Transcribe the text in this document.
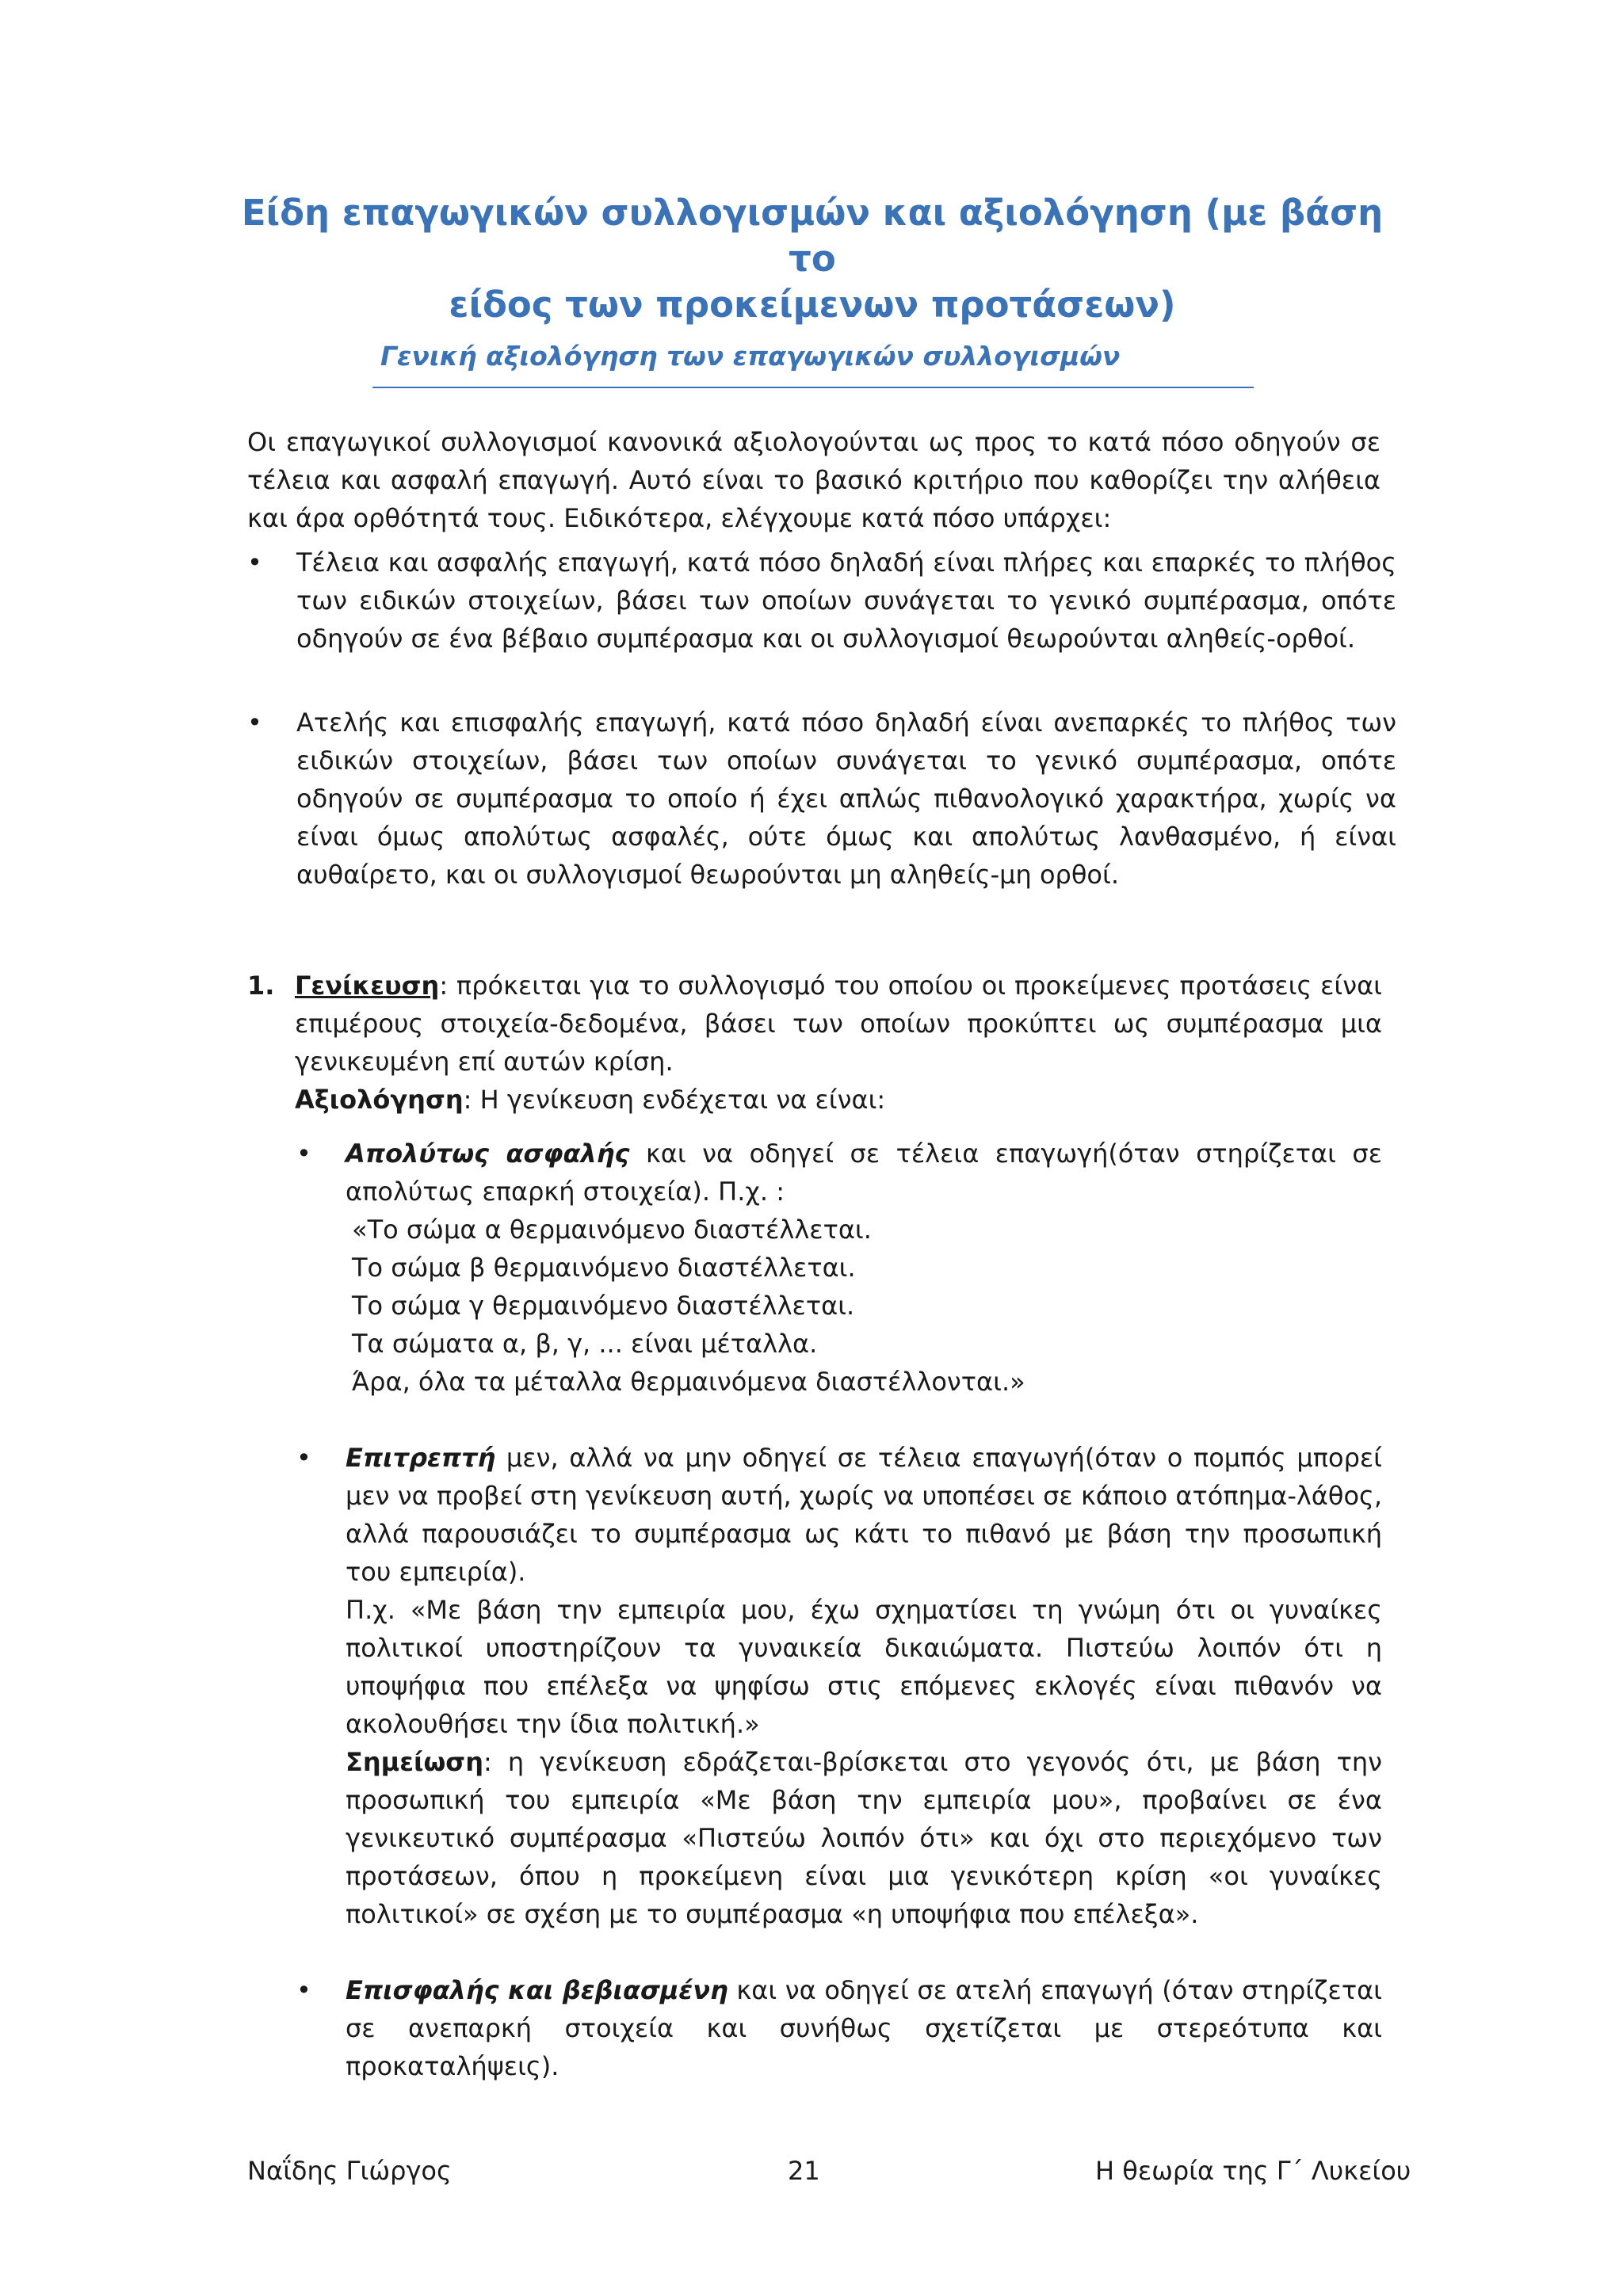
Είδη επαγωγικών συλλογισμών και αξιολόγηση (με βάση το
είδος των προκείμενων προτάσεων)
Γενική αξιολόγηση των επαγωγικών συλλογισμών

Οι επαγωγικοί συλλογισμοί κανονικά αξιολογούνται ως προς το κατά πόσο οδηγούν σε τέλεια και ασφαλή επαγωγή. Αυτό είναι το βασικό κριτήριο που καθορίζει την αλήθεια και άρα ορθότητά τους. Ειδικότερα, ελέγχουμε κατά πόσο υπάρχει:

• Τέλεια και ασφαλής επαγωγή, κατά πόσο δηλαδή είναι πλήρες και επαρκές το πλήθος των ειδικών στοιχείων, βάσει των οποίων συνάγεται το γενικό συμπέρασμα, οπότε οδηγούν σε ένα βέβαιο συμπέρασμα και οι συλλογισμοί θεωρούνται αληθείς-ορθοί.

• Ατελής και επισφαλής επαγωγή, κατά πόσο δηλαδή είναι ανεπαρκές το πλήθος των ειδικών στοιχείων, βάσει των οποίων συνάγεται το γενικό συμπέρασμα, οπότε οδηγούν σε συμπέρασμα το οποίο ή έχει απλώς πιθανολογικό χαρακτήρα, χωρίς να είναι όμως απολύτως ασφαλές, ούτε όμως και απολύτως λανθασμένο, ή είναι αυθαίρετο, και οι συλλογισμοί θεωρούνται μη αληθείς-μη ορθοί.

1. Γενίκευση: πρόκειται για το συλλογισμό του οποίου οι προκείμενες προτάσεις είναι επιμέρους στοιχεία-δεδομένα, βάσει των οποίων προκύπτει ως συμπέρασμα μια γενικευμένη επί αυτών κρίση.

Αξιολόγηση: Η γενίκευση ενδέχεται να είναι:

• Απολύτως ασφαλής και να οδηγεί σε τέλεια επαγωγή(όταν στηρίζεται σε απολύτως επαρκή στοιχεία). Π.χ. :
«Το σώμα α θερμαινόμενο διαστέλλεται.
Το σώμα β θερμαινόμενο διαστέλλεται.
Το σώμα γ θερμαινόμενο διαστέλλεται.
Τα σώματα α, β, γ, ... είναι μέταλλα.
Άρα, όλα τα μέταλλα θερμαινόμενα διαστέλλονται.»
• Επιτρεπτή μεν, αλλά να μην οδηγεί σε τέλεια επαγωγή(όταν ο πομπός μπορεί μεν να προβεί στη γενίκευση αυτή, χωρίς να υποπέσει σε κάποιο ατόπημα-λάθος, αλλά παρουσιάζει το συμπέρασμα ως κάτι το πιθανό με βάση την προσωπική του εμπειρία).
Π.χ. «Με βάση την εμπειρία μου, έχω σχηματίσει τη γνώμη ότι οι γυναίκες πολιτικοί υποστηρίζουν τα γυναικεία δικαιώματα. Πιστεύω λοιπόν ότι η υποψήφια που επέλεξα να ψηφίσω στις επόμενες εκλογές είναι πιθανόν να ακολουθήσει την ίδια πολιτική.»
Σημείωση: η γενίκευση εδράζεται-βρίσκεται στο γεγονός ότι, με βάση την προσωπική του εμπειρία «Με βάση την εμπειρία μου», προβαίνει σε ένα γενικευτικό συμπέρασμα «Πιστεύω λοιπόν ότι» και όχι στο περιεχόμενο των προτάσεων, όπου η προκείμενη είναι μια γενικότερη κρίση «οι γυναίκες πολιτικοί» σε σχέση με το συμπέρασμα «η υποψήφια που επέλεξα».
• Επισφαλής και βεβιασμένη και να οδηγεί σε ατελή επαγωγή (όταν στηρίζεται σε ανεπαρκή στοιχεία και συνήθως σχετίζεται με στερεότυπα και προκαταλήψεις).

Ναΐδης Γιώργος	21	Η θεωρία της Γ΄ Λυκείου
